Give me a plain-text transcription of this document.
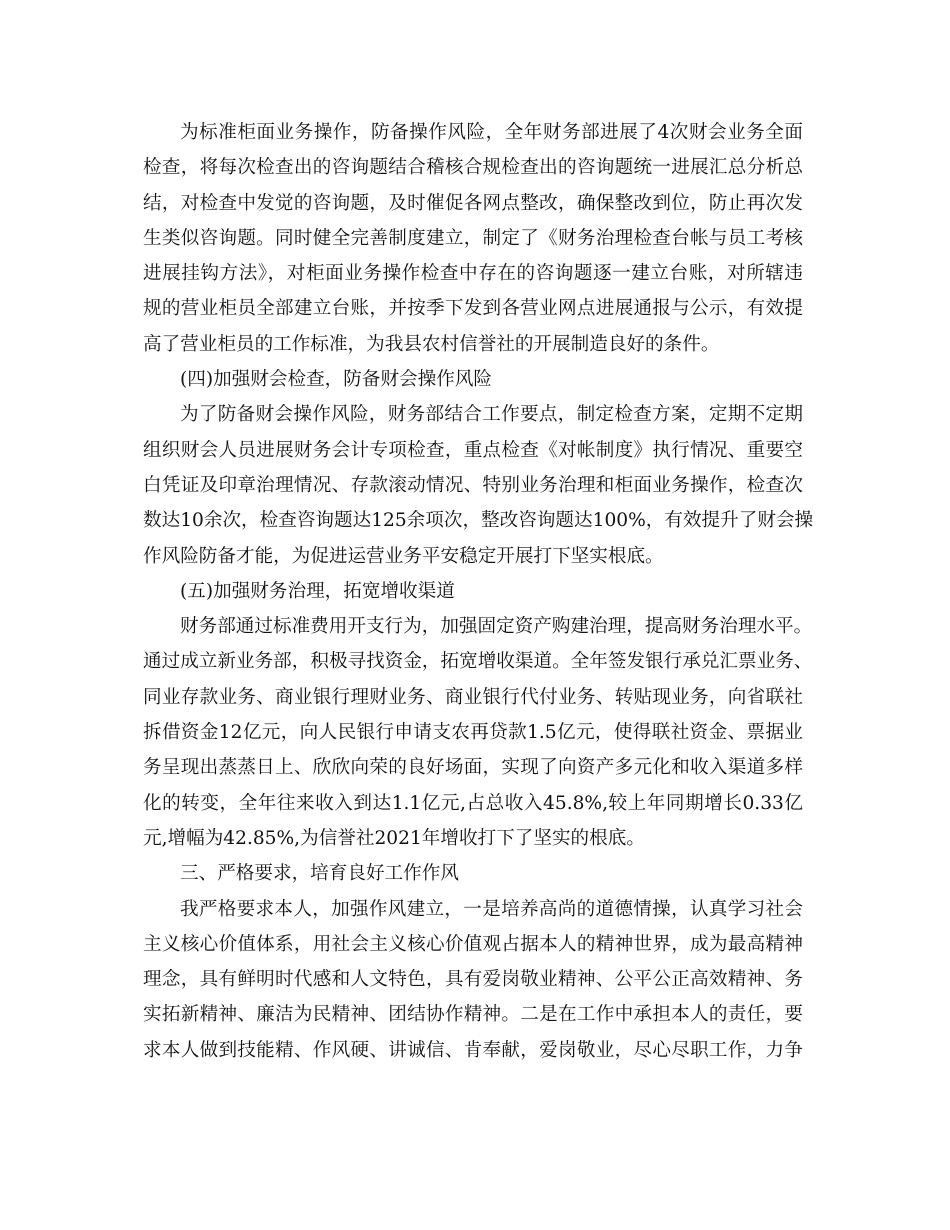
为标准柜面业务操作，防备操作风险，全年财务部进展了4次财会业务全面
检查，将每次检查出的咨询题结合稽核合规检查出的咨询题统一进展汇总分析总
结，对检查中发觉的咨询题，及时催促各网点整改，确保整改到位，防止再次发
生类似咨询题。同时健全完善制度建立，制定了《财务治理检查台帐与员工考核
进展挂钩方法》，对柜面业务操作检查中存在的咨询题逐一建立台账，对所辖违
规的营业柜员全部建立台账，并按季下发到各营业网点进展通报与公示，有效提
高了营业柜员的工作标准，为我县农村信誉社的开展制造良好的条件。
(四)加强财会检查，防备财会操作风险
为了防备财会操作风险，财务部结合工作要点，制定检查方案，定期不定期
组织财会人员进展财务会计专项检查，重点检查《对帐制度》执行情况、重要空
白凭证及印章治理情况、存款滚动情况、特别业务治理和柜面业务操作，检查次
数达10余次，检查咨询题达125余项次，整改咨询题达100%，有效提升了财会操
作风险防备才能，为促进运营业务平安稳定开展打下坚实根底。
(五)加强财务治理，拓宽增收渠道
财务部通过标准费用开支行为，加强固定资产购建治理，提高财务治理水平。
通过成立新业务部，积极寻找资金，拓宽增收渠道。全年签发银行承兑汇票业务、
同业存款业务、商业银行理财业务、商业银行代付业务、转贴现业务，向省联社
拆借资金12亿元，向人民银行申请支农再贷款1.5亿元，使得联社资金、票据业
务呈现出蒸蒸日上、欣欣向荣的良好场面，实现了向资产多元化和收入渠道多样
化的转变，全年往来收入到达1.1亿元,占总收入45.8%,较上年同期增长0.33亿
元,增幅为42.85%,为信誉社2021年增收打下了坚实的根底。
三、严格要求，培育良好工作作风
我严格要求本人，加强作风建立，一是培养高尚的道德情操，认真学习社会
主义核心价值体系，用社会主义核心价值观占据本人的精神世界，成为最高精神
理念，具有鲜明时代感和人文特色，具有爱岗敬业精神、公平公正高效精神、务
实拓新精神、廉洁为民精神、团结协作精神。二是在工作中承担本人的责任，要
求本人做到技能精、作风硬、讲诚信、肯奉献，爱岗敬业，尽心尽职工作，力争
